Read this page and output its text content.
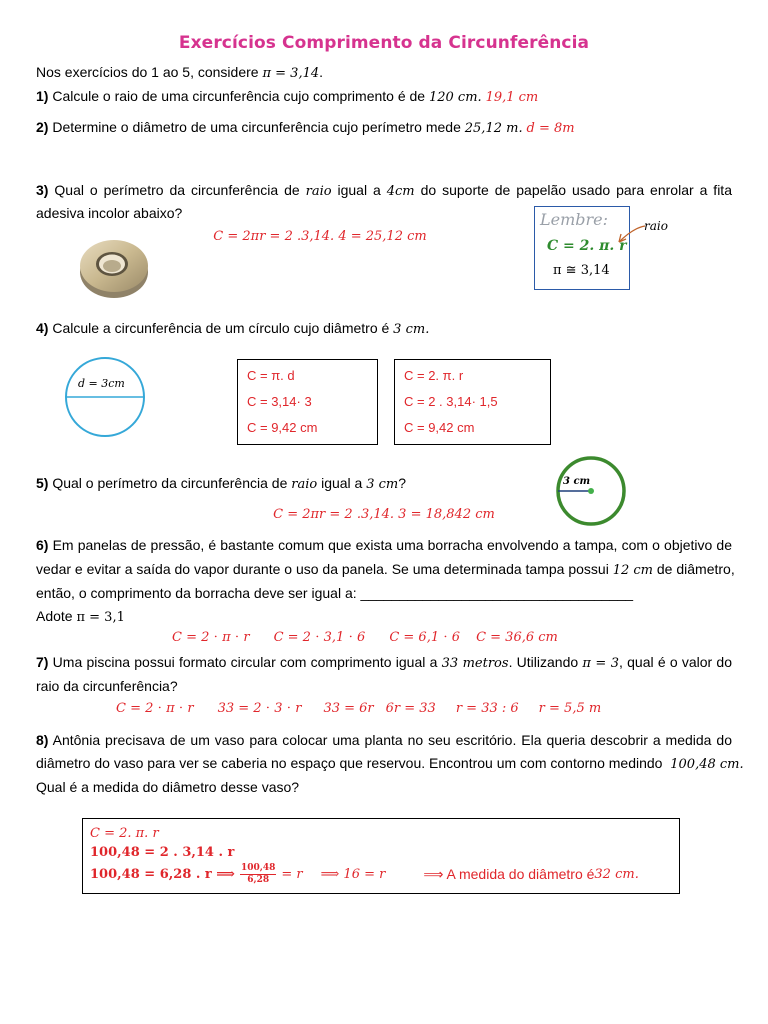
Exercícios Comprimento da Circunferência
Nos exercícios do 1 ao 5, considere π = 3,14.
1) Calcule o raio de uma circunferência cujo comprimento é de 120 cm. 19,1 cm
2) Determine o diâmetro de uma circunferência cujo perímetro mede 25,12 m. d = 8m
3) Qual o perímetro da circunferência de raio igual a 4cm do suporte de papelão usado para enrolar a fita
adesiva incolor abaixo?
C = 2πr = 2 .3,14. 4 = 25,12 cm
Lembre:
C = 2. π. r
π ≅ 3,14
raio
4) Calcule a circunferência de um círculo cujo diâmetro é 3 cm.
d = 3cm
C = π. d
C = 3,14· 3
C = 9,42 cm
C = 2. π. r
C = 2 . 3,14· 1,5
C = 9,42 cm
5) Qual o perímetro da circunferência de raio igual a 3 cm?	3 cm
C = 2πr = 2 .3,14. 3 = 18,842 cm
6) Em panelas de pressão, é bastante comum que exista uma borracha envolvendo a tampa, com o objetivo de
vedar e evitar a saída do vapor durante o uso da panela. Se uma determinada tampa possui 12 cm de diâmetro,
então, o comprimento da borracha deve ser igual a: ___________________________________
Adote π = 3,1
C = 2 ⋅ π ⋅ r C = 2 ⋅ 3,1 ⋅ 6 C = 6,1 ⋅ 6 C = 36,6 cm
7) Uma piscina possui formato circular com comprimento igual a 33 metros. Utilizando π = 3, qual é o valor do
raio da circunferência?
C = 2 ⋅ π ⋅ r 33 = 2 ⋅ 3 ⋅ r 33 = 6r 6r = 33 r = 33 : 6 r = 5,5 m
8) Antônia precisava de um vaso para colocar uma planta no seu escritório. Ela queria descobrir a medida do
diâmetro do vaso para ver se caberia no espaço que reservou. Encontrou um com contorno medindo 100,48 cm.
Qual é a medida do diâmetro desse vaso?
C = 2. π. r
100,48 = 2 . 3,14 . r
100,48 = 6,28 . r ⟹ $\frac{100,48}{6,28} = r$ ⟹ 16 = r	⟹ A medida do diâmetro é 32 cm .
